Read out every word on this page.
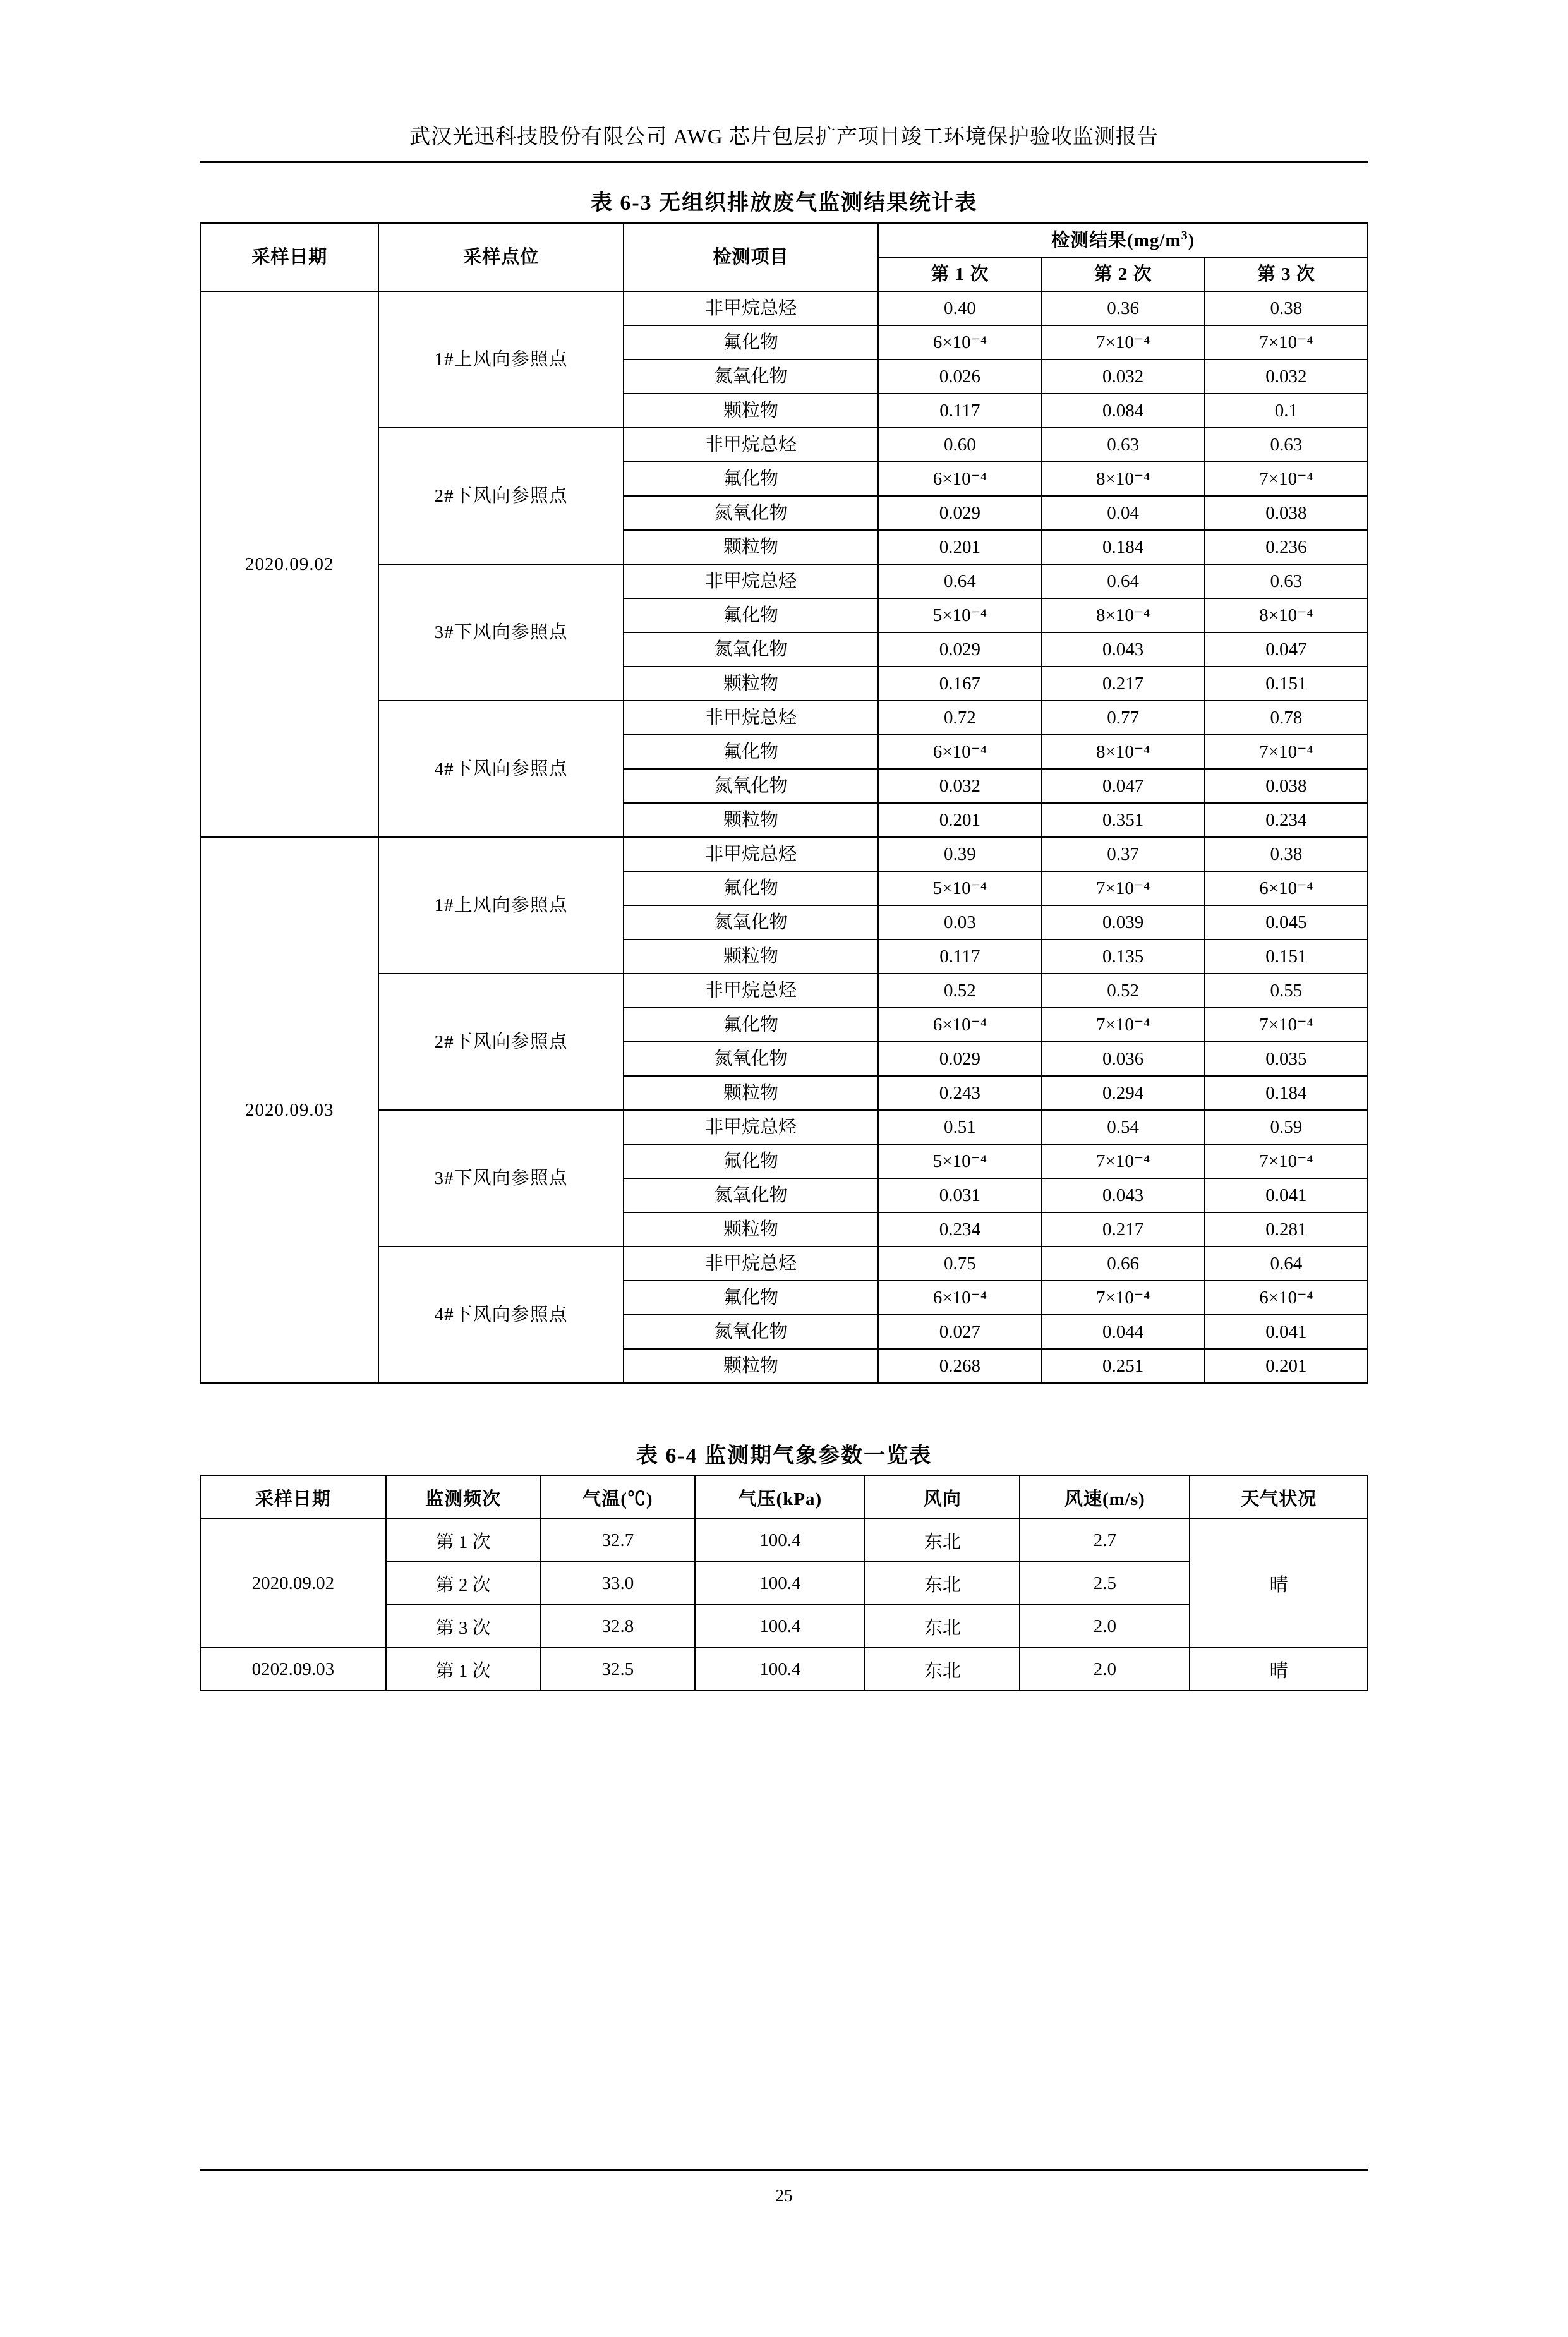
武汉光迅科技股份有限公司 AWG 芯片包层扩产项目竣工环境保护验收监测报告
表 6-3 无组织排放废气监测结果统计表
采样日期	采样点位	检测项目	检测结果$(mg/m^3)$		
			第 1 次	第 2 次	第 3 次
2020.09.02	1#上风向参照点	非甲烷总烃	0.40	0.36	0.38
		氟化物	6×10⁻⁴	7×10⁻⁴	7×10⁻⁴
		氮氧化物	0.026	0.032	0.032
		颗粒物	0.117	0.084	0.1
	2#下风向参照点	非甲烷总烃	0.60	0.63	0.63
		氟化物	6×10⁻⁴	8×10⁻⁴	7×10⁻⁴
		氮氧化物	0.029	0.04	0.038
		颗粒物	0.201	0.184	0.236
	3#下风向参照点	非甲烷总烃	0.64	0.64	0.63
		氟化物	5×10⁻⁴	8×10⁻⁴	8×10⁻⁴
		氮氧化物	0.029	0.043	0.047
		颗粒物	0.167	0.217	0.151
	4#下风向参照点	非甲烷总烃	0.72	0.77	0.78
		氟化物	6×10⁻⁴	8×10⁻⁴	7×10⁻⁴
		氮氧化物	0.032	0.047	0.038
		颗粒物	0.201	0.351	0.234
2020.09.03	1#上风向参照点	非甲烷总烃	0.39	0.37	0.38
		氟化物	5×10⁻⁴	7×10⁻⁴	6×10⁻⁴
		氮氧化物	0.03	0.039	0.045
		颗粒物	0.117	0.135	0.151
	2#下风向参照点	非甲烷总烃	0.52	0.52	0.55
		氟化物	6×10⁻⁴	7×10⁻⁴	7×10⁻⁴
		氮氧化物	0.029	0.036	0.035
		颗粒物	0.243	0.294	0.184
	3#下风向参照点	非甲烷总烃	0.51	0.54	0.59
		氟化物	5×10⁻⁴	7×10⁻⁴	7×10⁻⁴
		氮氧化物	0.031	0.043	0.041
		颗粒物	0.234	0.217	0.281
	4#下风向参照点	非甲烷总烃	0.75	0.66	0.64
		氟化物	6×10⁻⁴	7×10⁻⁴	6×10⁻⁴
		氮氧化物	0.027	0.044	0.041
		颗粒物	0.268	0.251	0.201
表 6-4 监测期气象参数一览表
采样日期	监测频次	气温(℃)	气压(kPa)	风向	风速(m/s)	天气状况
2020.09.02	第 1 次	32.7	100.4	东北	2.7	晴
	第 2 次	33.0	100.4	东北	2.5	
	第 3 次	32.8	100.4	东北	2.0	
0202.09.03	第 1 次	32.5	100.4	东北	2.0	晴
25
